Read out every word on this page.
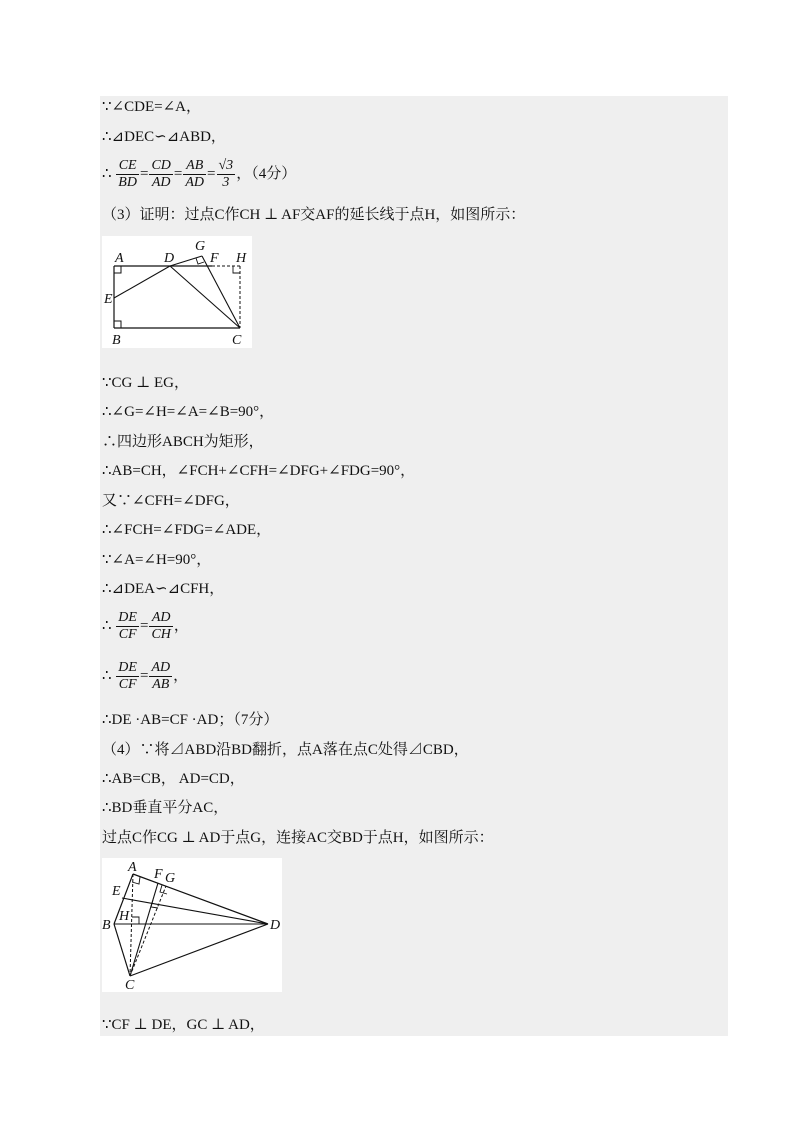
∵∠CDE=∠A，
∴⊿DEC∽⊿ABD，
∴ $\frac{CE}{BD} = \frac{CD}{AD} = \frac{AB}{AD} = \frac{√3}{3}$ ，（4分）
（3）证明：过点C作CH ⊥ AF交AF的延长线于点H，如图所示：
A
E
B	C
D
G
F H
∵CG ⊥ EG，
∴∠G=∠H=∠A=∠B=90°，
∴四边形ABCH为矩形，
∴AB=CH，∠FCH+∠CFH=∠DFG+∠FDG=90°，
又∵∠CFH=∠DFG，
∴∠FCH=∠FDG=∠ADE，
∵∠A=∠H=90°，
∴⊿DEA∽⊿CFH，
∴ $\frac{DE}{CF} = \frac{AD}{CH}$ ，
∴ $\frac{DE}{CF} = \frac{AD}{AB}$ ，
∴DE ·AB=CF ·AD；（7分）
（4）∵将⊿ABD沿BD翻折，点A落在点C处得⊿CBD，
∴AB=CB， AD=CD，
∴BD垂直平分AC，
过点C作CG ⊥ AD于点G，连接AC交BD于点H，如图所示：
A
E
F G
B
H
D
C
∵CF ⊥ DE，GC ⊥ AD，
